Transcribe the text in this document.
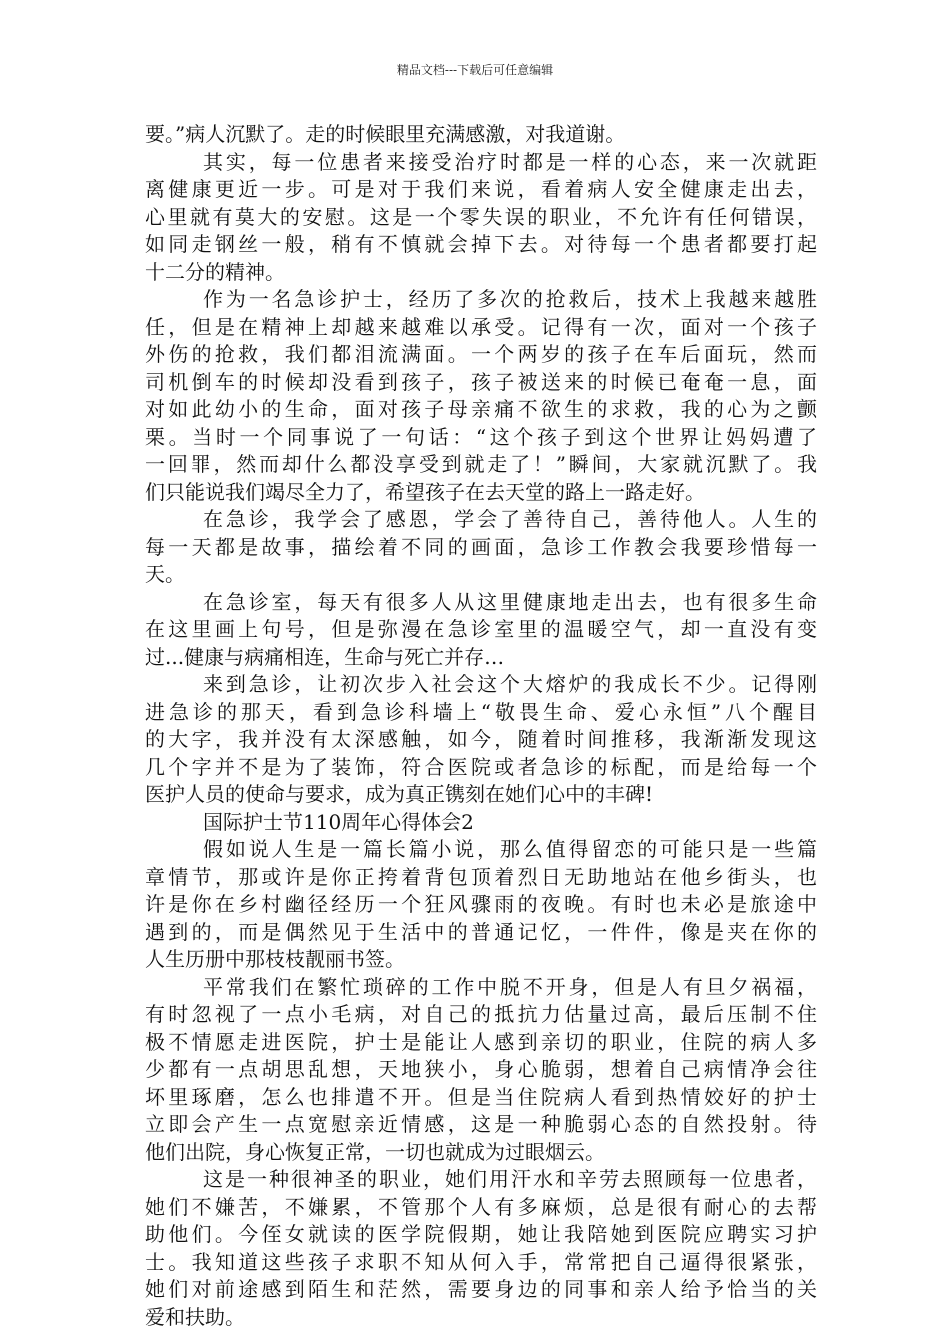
精品文档---下载后可任意编辑
要。”病人沉默了。走的时候眼里充满感激，对我道谢。
其实，每一位患者来接受治疗时都是一样的心态，来一次就距
离健康更近一步。可是对于我们来说，看着病人安全健康走出去，
心里就有莫大的安慰。这是一个零失误的职业，不允许有任何错误，
如同走钢丝一般，稍有不慎就会掉下去。对待每一个患者都要打起
十二分的精神。
作为一名急诊护士，经历了多次的抢救后，技术上我越来越胜
任，但是在精神上却越来越难以承受。记得有一次，面对一个孩子
外伤的抢救，我们都泪流满面。一个两岁的孩子在车后面玩，然而
司机倒车的时候却没看到孩子，孩子被送来的时候已奄奄一息，面
对如此幼小的生命，面对孩子母亲痛不欲生的求救，我的心为之颤
栗。当时一个同事说了一句话：“这个孩子到这个世界让妈妈遭了
一回罪，然而却什么都没享受到就走了！”瞬间，大家就沉默了。我
们只能说我们竭尽全力了，希望孩子在去天堂的路上一路走好。
在急诊，我学会了感恩，学会了善待自己，善待他人。人生的
每一天都是故事，描绘着不同的画面，急诊工作教会我要珍惜每一
天。
在急诊室，每天有很多人从这里健康地走出去，也有很多生命
在这里画上句号，但是弥漫在急诊室里的温暖空气，却一直没有变
过...健康与病痛相连，生命与死亡并存…
来到急诊，让初次步入社会这个大熔炉的我成长不少。记得刚
进急诊的那天，看到急诊科墙上“敬畏生命、爱心永恒”八个醒目
的大字，我并没有太深感触，如今，随着时间推移，我渐渐发现这
几个字并不是为了装饰，符合医院或者急诊的标配，而是给每一个
医护人员的使命与要求，成为真正镌刻在她们心中的丰碑!
国际护士节110周年心得体会2
假如说人生是一篇长篇小说，那么值得留恋的可能只是一些篇
章情节，那或许是你正挎着背包顶着烈日无助地站在他乡街头，也
许是你在乡村幽径经历一个狂风骤雨的夜晚。有时也未必是旅途中
遇到的，而是偶然见于生活中的普通记忆，一件件，像是夹在你的
人生历册中那枝枝靓丽书签。
平常我们在繁忙琐碎的工作中脱不开身，但是人有旦夕祸福，
有时忽视了一点小毛病，对自己的抵抗力估量过高，最后压制不住
极不情愿走进医院，护士是能让人感到亲切的职业，住院的病人多
少都有一点胡思乱想，天地狭小，身心脆弱，想着自己病情净会往
坏里琢磨，怎么也排遣不开。但是当住院病人看到热情姣好的护士
立即会产生一点宽慰亲近情感，这是一种脆弱心态的自然投射。待
他们出院，身心恢复正常，一切也就成为过眼烟云。
这是一种很神圣的职业，她们用汗水和辛劳去照顾每一位患者，
她们不嫌苦，不嫌累，不管那个人有多麻烦，总是很有耐心的去帮
助他们。今侄女就读的医学院假期，她让我陪她到医院应聘实习护
士。我知道这些孩子求职不知从何入手，常常把自己逼得很紧张，
她们对前途感到陌生和茫然，需要身边的同事和亲人给予恰当的关
爱和扶助。
